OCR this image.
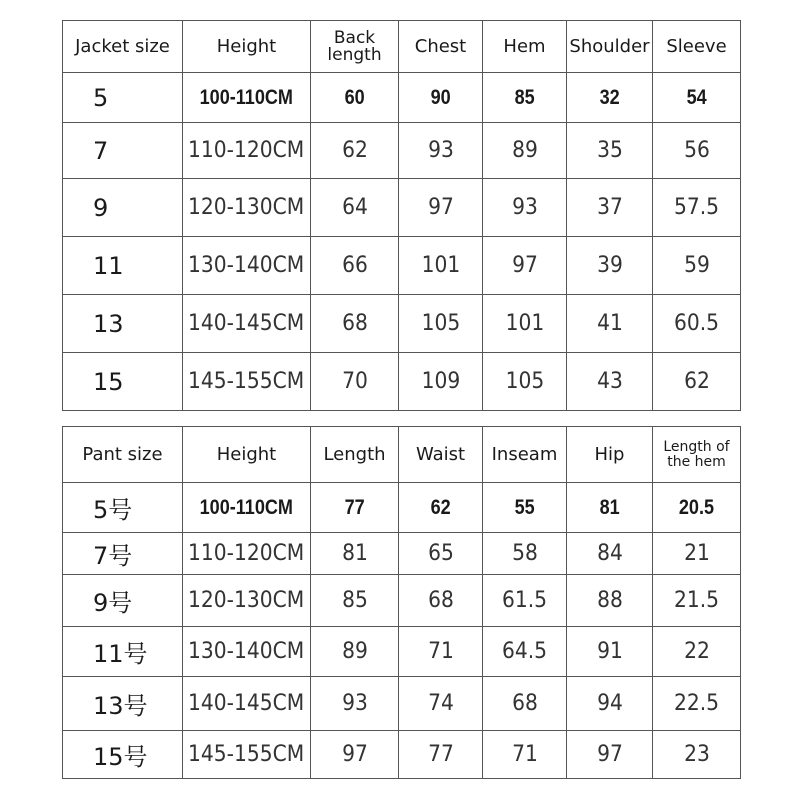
Jacket size	Height	Back length	Chest	Hem	Shoulder	Sleeve
5	100-110CM	60	90	85	32	54
7	110-120CM	62	93	89	35	56
9	120-130CM	64	97	93	37	57.5
11	130-140CM	66	101	97	39	59
13	140-145CM	68	105	101	41	60.5
15	145-155CM	70	109	105	43	62
Pant size	Height	Length	Waist	Inseam	Hip	Length of the hem
5号	100-110CM	77	62	55	81	20.5
7号	110-120CM	81	65	58	84	21
9号	120-130CM	85	68	61.5	88	21.5
11号	130-140CM	89	71	64.5	91	22
13号	140-145CM	93	74	68	94	22.5
15号	145-155CM	97	77	71	97	23
